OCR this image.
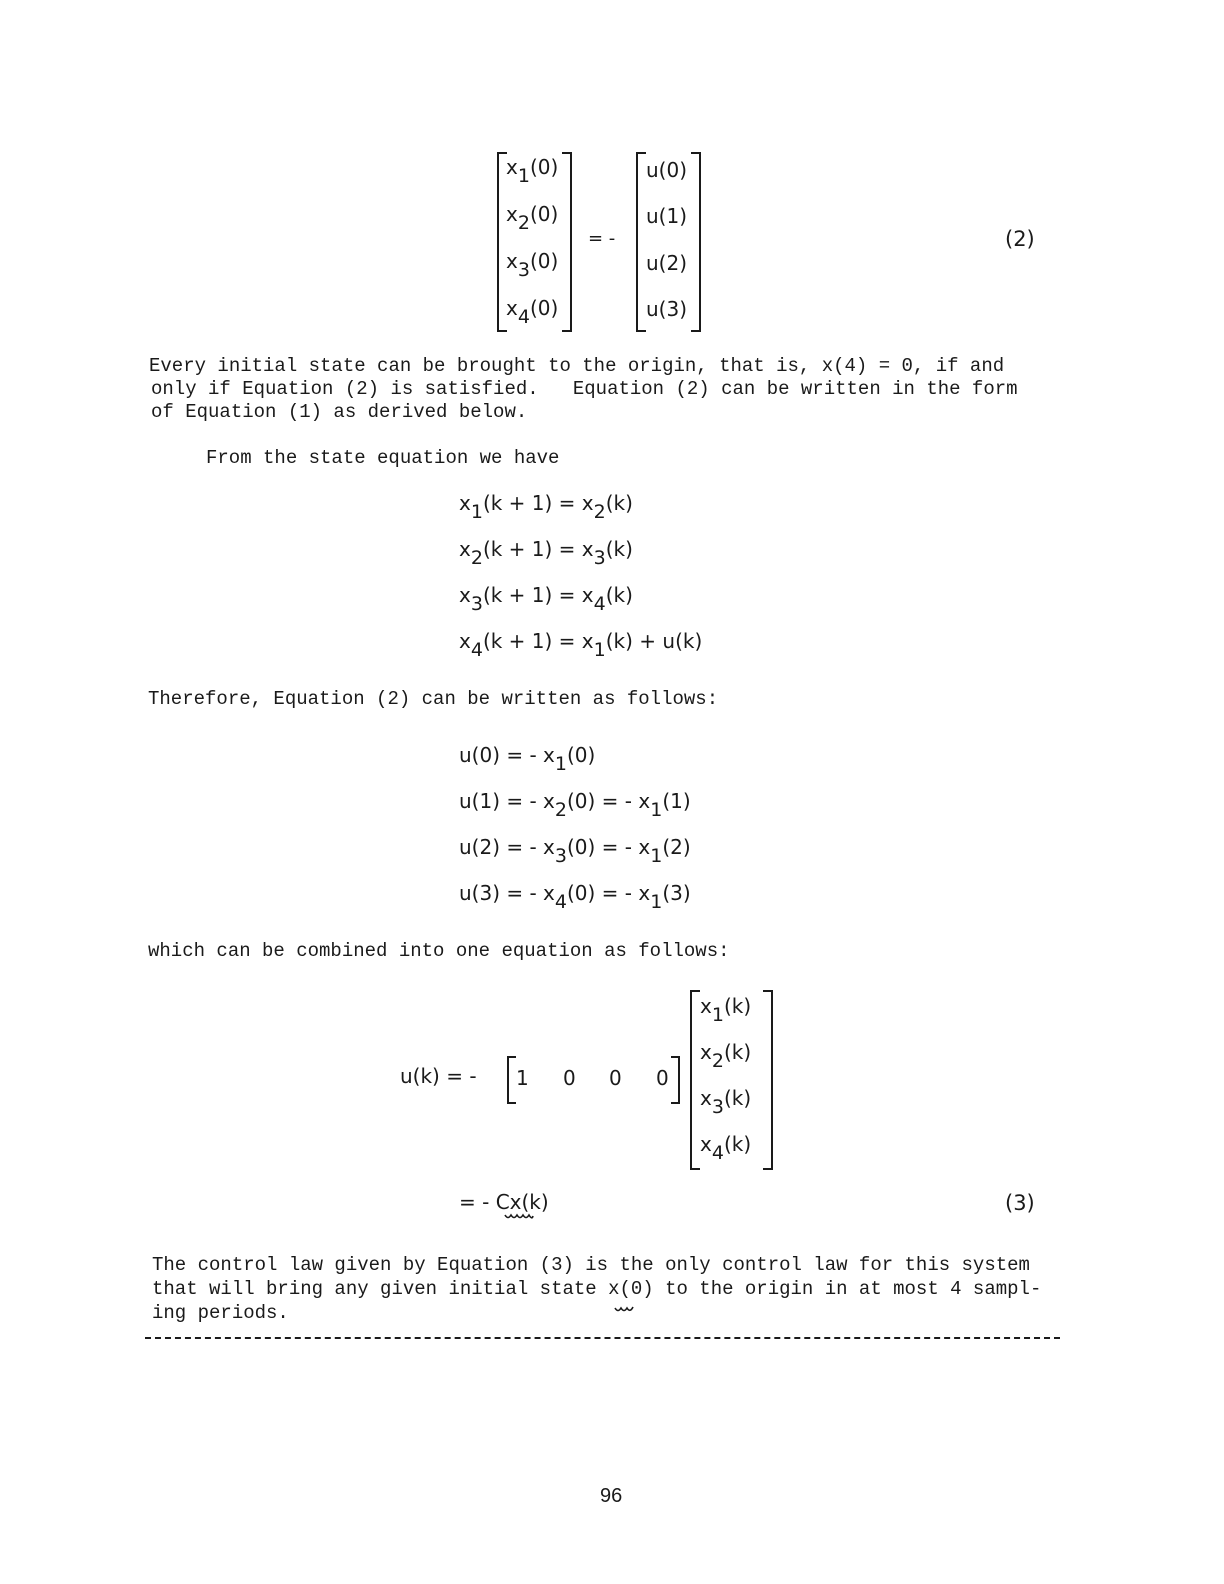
x1(0)
x2(0)
x3(0)
x4(0)
= -
u(0)
u(1)
u(2)
u(3)
(2)
Every initial state can be brought to the origin, that is, x(4) = 0, if and
only if Equation (2) is satisfied.   Equation (2) can be written in the form
of Equation (1) as derived below.
From the state equation we have
x1(k + 1) = x2(k)
x2(k + 1) = x3(k)
x3(k + 1) = x4(k)
x4(k + 1) = x1(k) + u(k)
Therefore, Equation (2) can be written as follows:
u(0) = - x1(0)
u(1) = - x2(0) = - x1(1)
u(2) = - x3(0) = - x1(2)
u(3) = - x4(0) = - x1(3)
which can be combined into one equation as follows:
u(k) = - 1 0 0 0
x1(k)
x2(k)
x3(k)
x4(k)
= - Cx(k)	(3)
The control law given by Equation (3) is the only control law for this system
that will bring any given initial state x(0) to the origin in at most 4 sampl-
ing periods.
96
